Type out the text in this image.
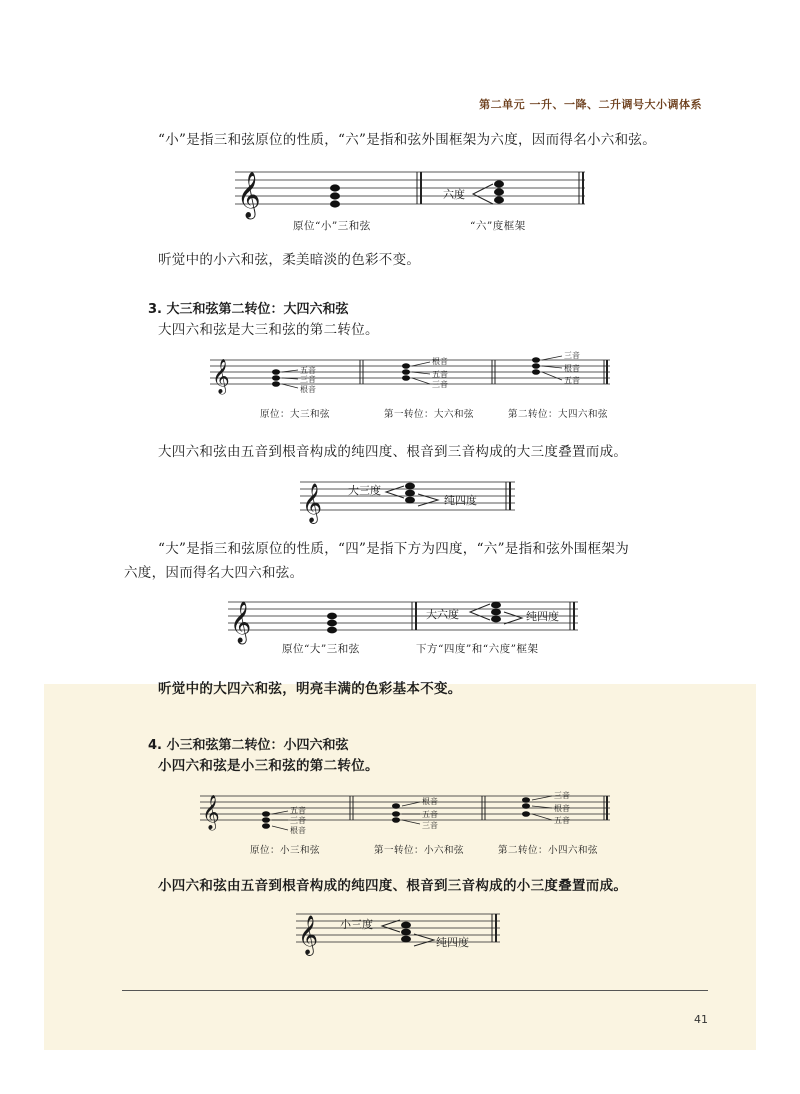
第二单元 一升、一降、二升调号大小调体系

“小”是指三和弦原位的性质，“六”是指和弦外围框架为六度，因而得名小六和弦。

𝄞	六度
原位“小”三和弦	“六”度框架

听觉中的小六和弦，柔美暗淡的色彩不变。

3. 大三和弦第二转位：大四六和弦

大四六和弦是大三和弦的第二转位。

𝄞	五音
三音
根音
根音
五音
三音
三音
根音
五音
原位：大三和弦	第一转位：大六和弦	第二转位：大四六和弦

大四六和弦由五音到根音构成的纯四度、根音到三音构成的大三度叠置而成。

𝄞 大三度
纯四度

“大”是指三和弦原位的性质，“四”是指下方为四度，“六”是指和弦外围框架为

六度，因而得名大四六和弦。

𝄞	大六度	纯四度
原位“大”三和弦	下方“四度”和“六度”框架

听觉中的大四六和弦，明亮丰满的色彩基本不变。

4. 小三和弦第二转位：小四六和弦

小四六和弦是小三和弦的第二转位。

𝄞	五音
三音
根音
根音
五音
三音
三音
根音
五音
原位：小三和弦	第一转位：小六和弦	第二转位：小四六和弦

小四六和弦由五音到根音构成的纯四度、根音到三音构成的小三度叠置而成。

𝄞 小三度
纯四度
41
